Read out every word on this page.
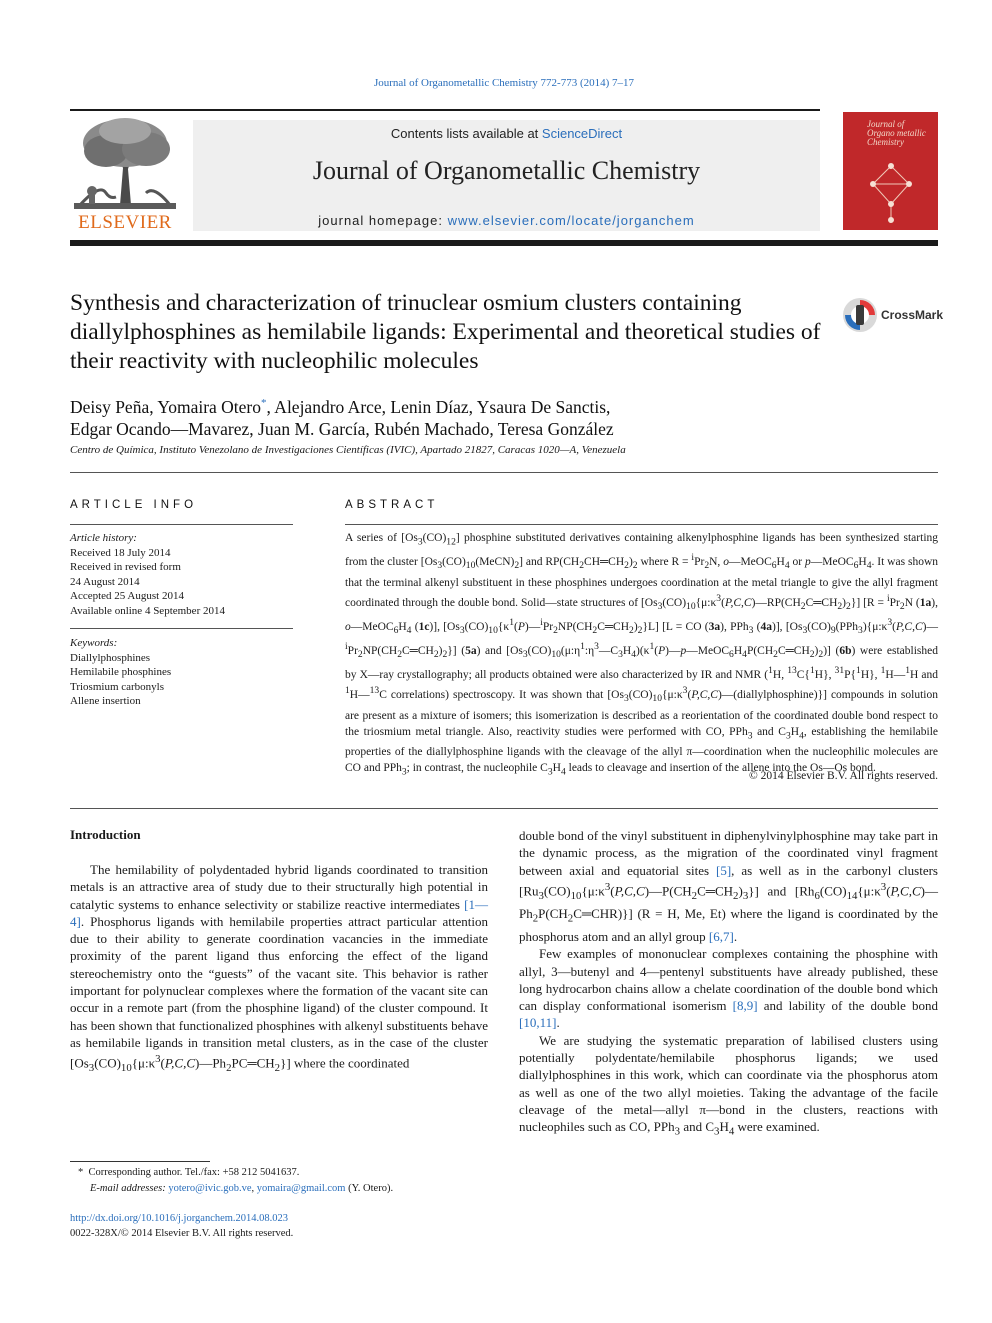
Journal of Organometallic Chemistry 772-773 (2014) 7–17
ELSEVIER
Contents lists available at ScienceDirect
Journal of Organometallic Chemistry
journal homepage: www.elsevier.com/locate/jorganchem
Journal of Organo metallic Chemistry
Synthesis and characterization of trinuclear osmium clusters containing diallylphosphines as hemilabile ligands: Experimental and theoretical studies of their reactivity with nucleophilic molecules
CrossMark
Deisy Peña, Yomaira Otero*, Alejandro Arce, Lenin Díaz, Ysaura De Sanctis,
Edgar Ocando—Mavarez, Juan M. García, Rubén Machado, Teresa González
Centro de Química, Instituto Venezolano de Investigaciones Científicas (IVIC), Apartado 21827, Caracas 1020—A, Venezuela
ARTICLE INFO
Article history:
Received 18 July 2014
Received in revised form
24 August 2014
Accepted 25 August 2014
Available online 4 September 2014
Keywords:
Diallylphosphines
Hemilabile phosphines
Triosmium carbonyls
Allene insertion
ABSTRACT
A series of $[Os_3(CO)_{12}]$ phosphine substituted derivatives containing alkenylphosphine ligands has been synthesized starting from the cluster $[Os_3(CO)_{10}(MeCN)_2]$ and $RP(CH_2CH═CH_2)_2$ where $R = ^iPr_2N$, $o—MeOC_6H_4$ or $p—MeOC_6H_4$. It was shown that the terminal alkenyl substituent in these phosphines undergoes coordination at the metal triangle to give the allyl fragment coordinated through the double bond. Solid—state structures of $[Os_3(CO)_{10}\{\mu:\kappa^3(P,C,C)—RP(CH_2C═CH_2)_2\}] [R = ^iPr_2N$ (1a), $o—MeOC_6H_4$ (1c)], $[Os_3(CO)_{10}\{\kappa^1(P)—^iPr_2NP(CH_2C═CH_2)_2\}L] [L$ = CO (3a), PPh$_3$ (4a)], $[Os_3(CO)_9(PPh_3)\{\mu:\kappa^3(P,C,C)—^iPr_2NP(CH_2C═CH_2)_2\}]$ (5a) and $[Os_3(CO)_{10}(\mu:\eta^1:\eta^3—C_3H_4)(\kappa^1(P)—p—MeOC_6H_4P(CH_2C═CH_2)_2)]$ (6b) were established by X—ray crystallography; all products obtained were also characterized by IR and NMR ($^1$H, $^{13}$C{$^1$H}, $^{31}$P{$^1$H}, $^1$H—$^1$H and $^1$H—$^{13}$C correlations) spectroscopy. It was shown that $[Os_3(CO)_{10}\{\mu:\kappa^3(P,C,C)—(diallylphosphine)\}]$ compounds in solution are present as a mixture of isomers; this isomerization is described as a reorientation of the coordinated double bond respect to the triosmium metal triangle. Also, reactivity studies were performed with CO, PPh$_3$ and $C_3H_4$, establishing the hemilabile properties of the diallylphosphine ligands with the cleavage of the allyl π—coordination when the nucleophilic molecules are CO and PPh$_3$; in contrast, the nucleophile $C_3H_4$ leads to cleavage and insertion of the allene into the Os—Os bond.
© 2014 Elsevier B.V. All rights reserved.
Introduction

The hemilability of polydentaded hybrid ligands coordinated to transition metals is an attractive area of study due to their structurally high potential in catalytic systems to enhance selectivity or stabilize reactive intermediates [1—4]. Phosphorus ligands with hemilabile properties attract particular attention due to their ability to generate coordination vacancies in the immediate proximity of the parent ligand thus enforcing the effect of the ligand stereochemistry onto the “guests” of the vacant site. This behavior is rather important for polynuclear complexes where the formation of the vacant site can occur in a remote part (from the phosphine ligand) of the cluster compound. It has been shown that functionalized phosphines with alkenyl substituents behave as hemilabile ligands in transition metal clusters, as in the case of the cluster $[Os_3(CO)_{10}\{\mu:\kappa^3(P,C,C)—Ph_2PC═CH_2\}]$ where the coordinated

double bond of the vinyl substituent in diphenylvinylphosphine may take part in the dynamic process, as the migration of the coordinated vinyl fragment between axial and equatorial sites [5], as well as in the carbonyl clusters $[Ru_3(CO)_{10}\{\mu:\kappa^3(P,C,C)—P(CH_2C═CH_2)_3\}]$ and $[Rh_6(CO)_{14}\{\mu:\kappa^3(P,C,C)—Ph_2P(CH_2C═CHR)\}] (R = H$, Me, Et) where the ligand is coordinated by the phosphorus atom and an allyl group [6,7].

Few examples of mononuclear complexes containing the phosphine with allyl, 3—butenyl and 4—pentenyl substituents have already published, these long hydrocarbon chains allow a chelate coordination of the double bond which can display conformational isomerism [8,9] and lability of the double bond [10,11].

We are studying the systematic preparation of labilised clusters using potentially polydentate/hemilabile phosphorus ligands; we used diallylphosphines in this work, which can coordinate via the phosphorus atom as well as one of the two allyl moieties. Taking the advantage of the facile cleavage of the metal—allyl π—bond in the clusters, reactions with nucleophiles such as CO, PPh$_3$ and $C_3H_4$ were examined.

* Corresponding author. Tel./fax: +58 212 5041637.
E-mail addresses: yotero@ivic.gob.ve, yomaira@gmail.com (Y. Otero).
http://dx.doi.org/10.1016/j.jorganchem.2014.08.023
0022-328X/© 2014 Elsevier B.V. All rights reserved.
